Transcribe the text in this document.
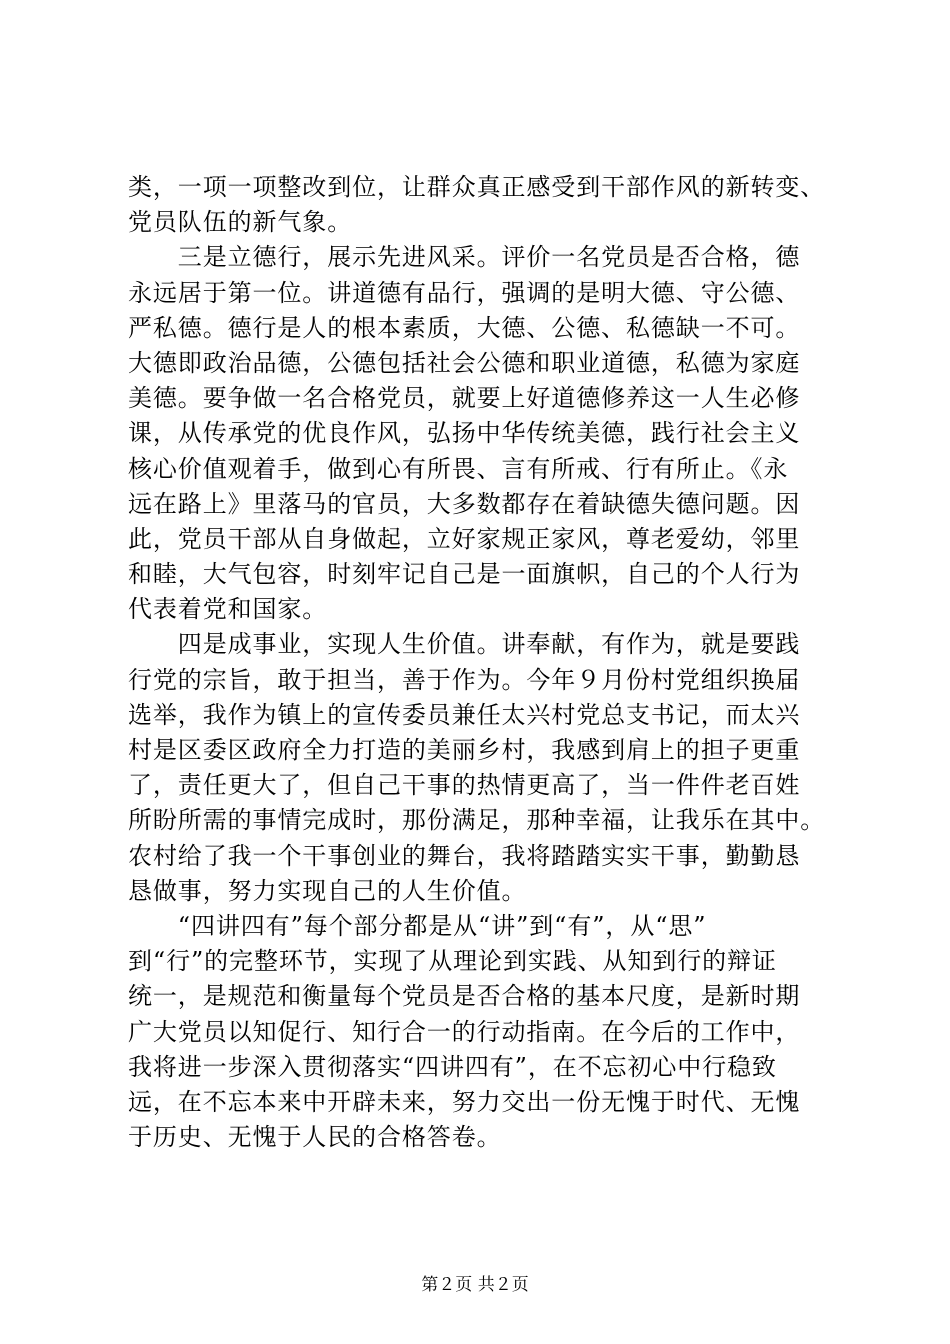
类，一项一项整改到位，让群众真正感受到干部作风的新转变、
党员队伍的新气象。
　　三是立德行，展示先进风采。评价一名党员是否合格，德
永远居于第一位。讲道德有品行，强调的是明大德、守公德、
严私德。德行是人的根本素质，大德、公德、私德缺一不可。
大德即政治品德，公德包括社会公德和职业道德，私德为家庭
美德。要争做一名合格党员，就要上好道德修养这一人生必修
课，从传承党的优良作风，弘扬中华传统美德，践行社会主义
核心价值观着手，做到心有所畏、言有所戒、行有所止。《永
远在路上》里落马的官员，大多数都存在着缺德失德问题。因
此，党员干部从自身做起，立好家规正家风，尊老爱幼，邻里
和睦，大气包容，时刻牢记自己是一面旗帜，自己的个人行为
代表着党和国家。
　　四是成事业，实现人生价值。讲奉献，有作为，就是要践
行党的宗旨，敢于担当，善于作为。今年９月份村党组织换届
选举，我作为镇上的宣传委员兼任太兴村党总支书记，而太兴
村是区委区政府全力打造的美丽乡村，我感到肩上的担子更重
了，责任更大了，但自己干事的热情更高了，当一件件老百姓
所盼所需的事情完成时，那份满足，那种幸福，让我乐在其中。
农村给了我一个干事创业的舞台，我将踏踏实实干事，勤勤恳
恳做事，努力实现自己的人生价值。
　　“四讲四有”每个部分都是从“讲”到“有”，从“思”
到“行”的完整环节，实现了从理论到实践、从知到行的辩证
统一，是规范和衡量每个党员是否合格的基本尺度，是新时期
广大党员以知促行、知行合一的行动指南。在今后的工作中，
我将进一步深入贯彻落实“四讲四有”，在不忘初心中行稳致
远，在不忘本来中开辟未来，努力交出一份无愧于时代、无愧
于历史、无愧于人民的合格答卷。
第２页 共２页
